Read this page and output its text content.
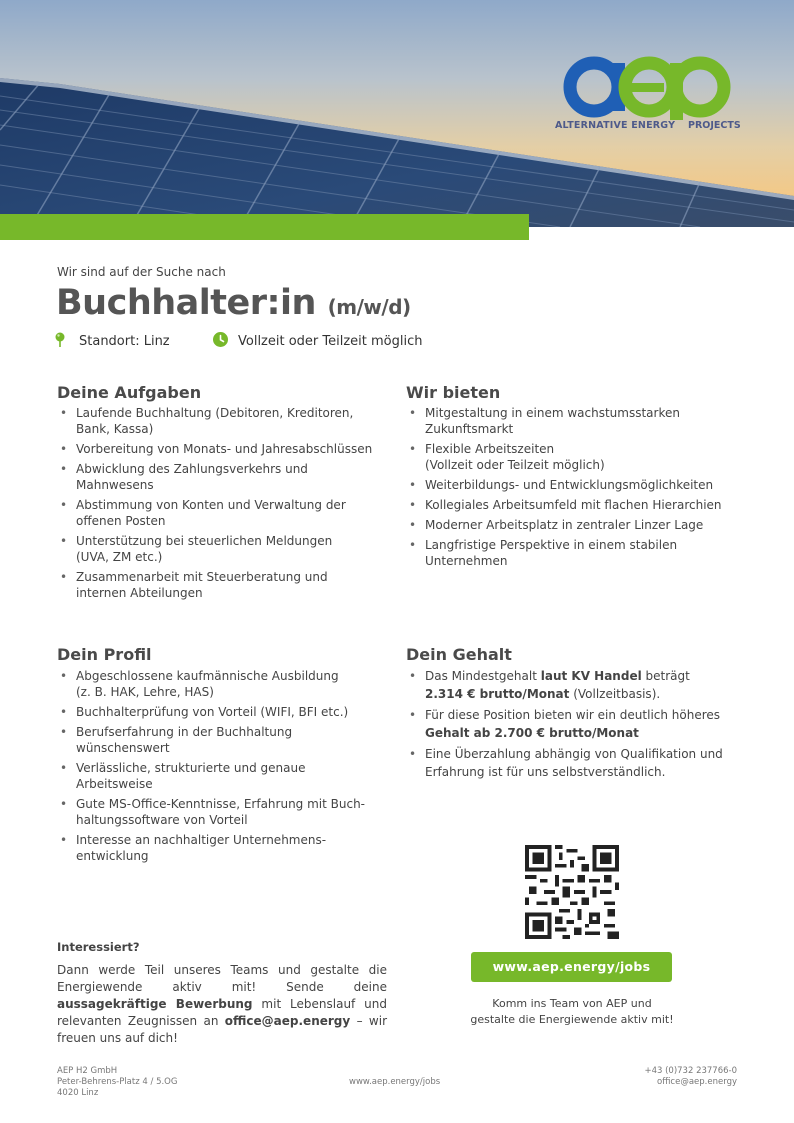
ALTERNATIVE ENERGY PROJECTS
Wir sind auf der Suche nach
Buchhalter:in (m/w/d)
Standort: Linz	Vollzeit oder Teilzeit möglich
Deine Aufgaben
• Laufende Buchhaltung (Debitoren, Kreditoren,
Bank, Kassa)
• Vorbereitung von Monats- und Jahresabschlüssen
• Abwicklung des Zahlungsverkehrs und
Mahnwesens
• Abstimmung von Konten und Verwaltung der
offenen Posten
• Unterstützung bei steuerlichen Meldungen
(UVA, ZM etc.)
• Zusammenarbeit mit Steuerberatung und
internen Abteilungen
Wir bieten
• Mitgestaltung in einem wachstumsstarken
Zukunftsmarkt
• Flexible Arbeitszeiten
(Vollzeit oder Teilzeit möglich)
• Weiterbildungs- und Entwicklungsmöglichkeiten
• Kollegiales Arbeitsumfeld mit flachen Hierarchien
• Moderner Arbeitsplatz in zentraler Linzer Lage
• Langfristige Perspektive in einem stabilen
Unternehmen
Dein Profil
• Abgeschlossene kaufmännische Ausbildung
(z. B. HAK, Lehre, HAS)
• Buchhalterprüfung von Vorteil (WIFI, BFI etc.)
• Berufserfahrung in der Buchhaltung
wünschenswert
• Verlässliche, strukturierte und genaue
Arbeitsweise
• Gute MS-Office-Kenntnisse, Erfahrung mit Buch-
haltungssoftware von Vorteil
• Interesse an nachhaltiger Unternehmens-
entwicklung
Dein Gehalt
• Das Mindestgehalt laut KV Handel beträgt
2.314 € brutto/Monat (Vollzeitbasis).
• Für diese Position bieten wir ein deutlich höheres
Gehalt ab 2.700 € brutto/Monat
• Eine Überzahlung abhängig von Qualifikation und
Erfahrung ist für uns selbstverständlich.
www.aep.energy/jobs
Komm ins Team von AEP und
gestalte die Energiewende aktiv mit!
Interessiert?
Dann werde Teil unseres Teams und gestalte die Energiewende aktiv mit! Sende deine aussagekräftige Bewerbung mit Lebenslauf und relevanten Zeugnissen an office@aep.energy – wir freuen uns auf dich!
AEP H2 GmbH
Peter-Behrens-Platz 4 / 5.OG
4020 Linz
www.aep.energy/jobs
+43 (0)732 237766-0
office@aep.energy
